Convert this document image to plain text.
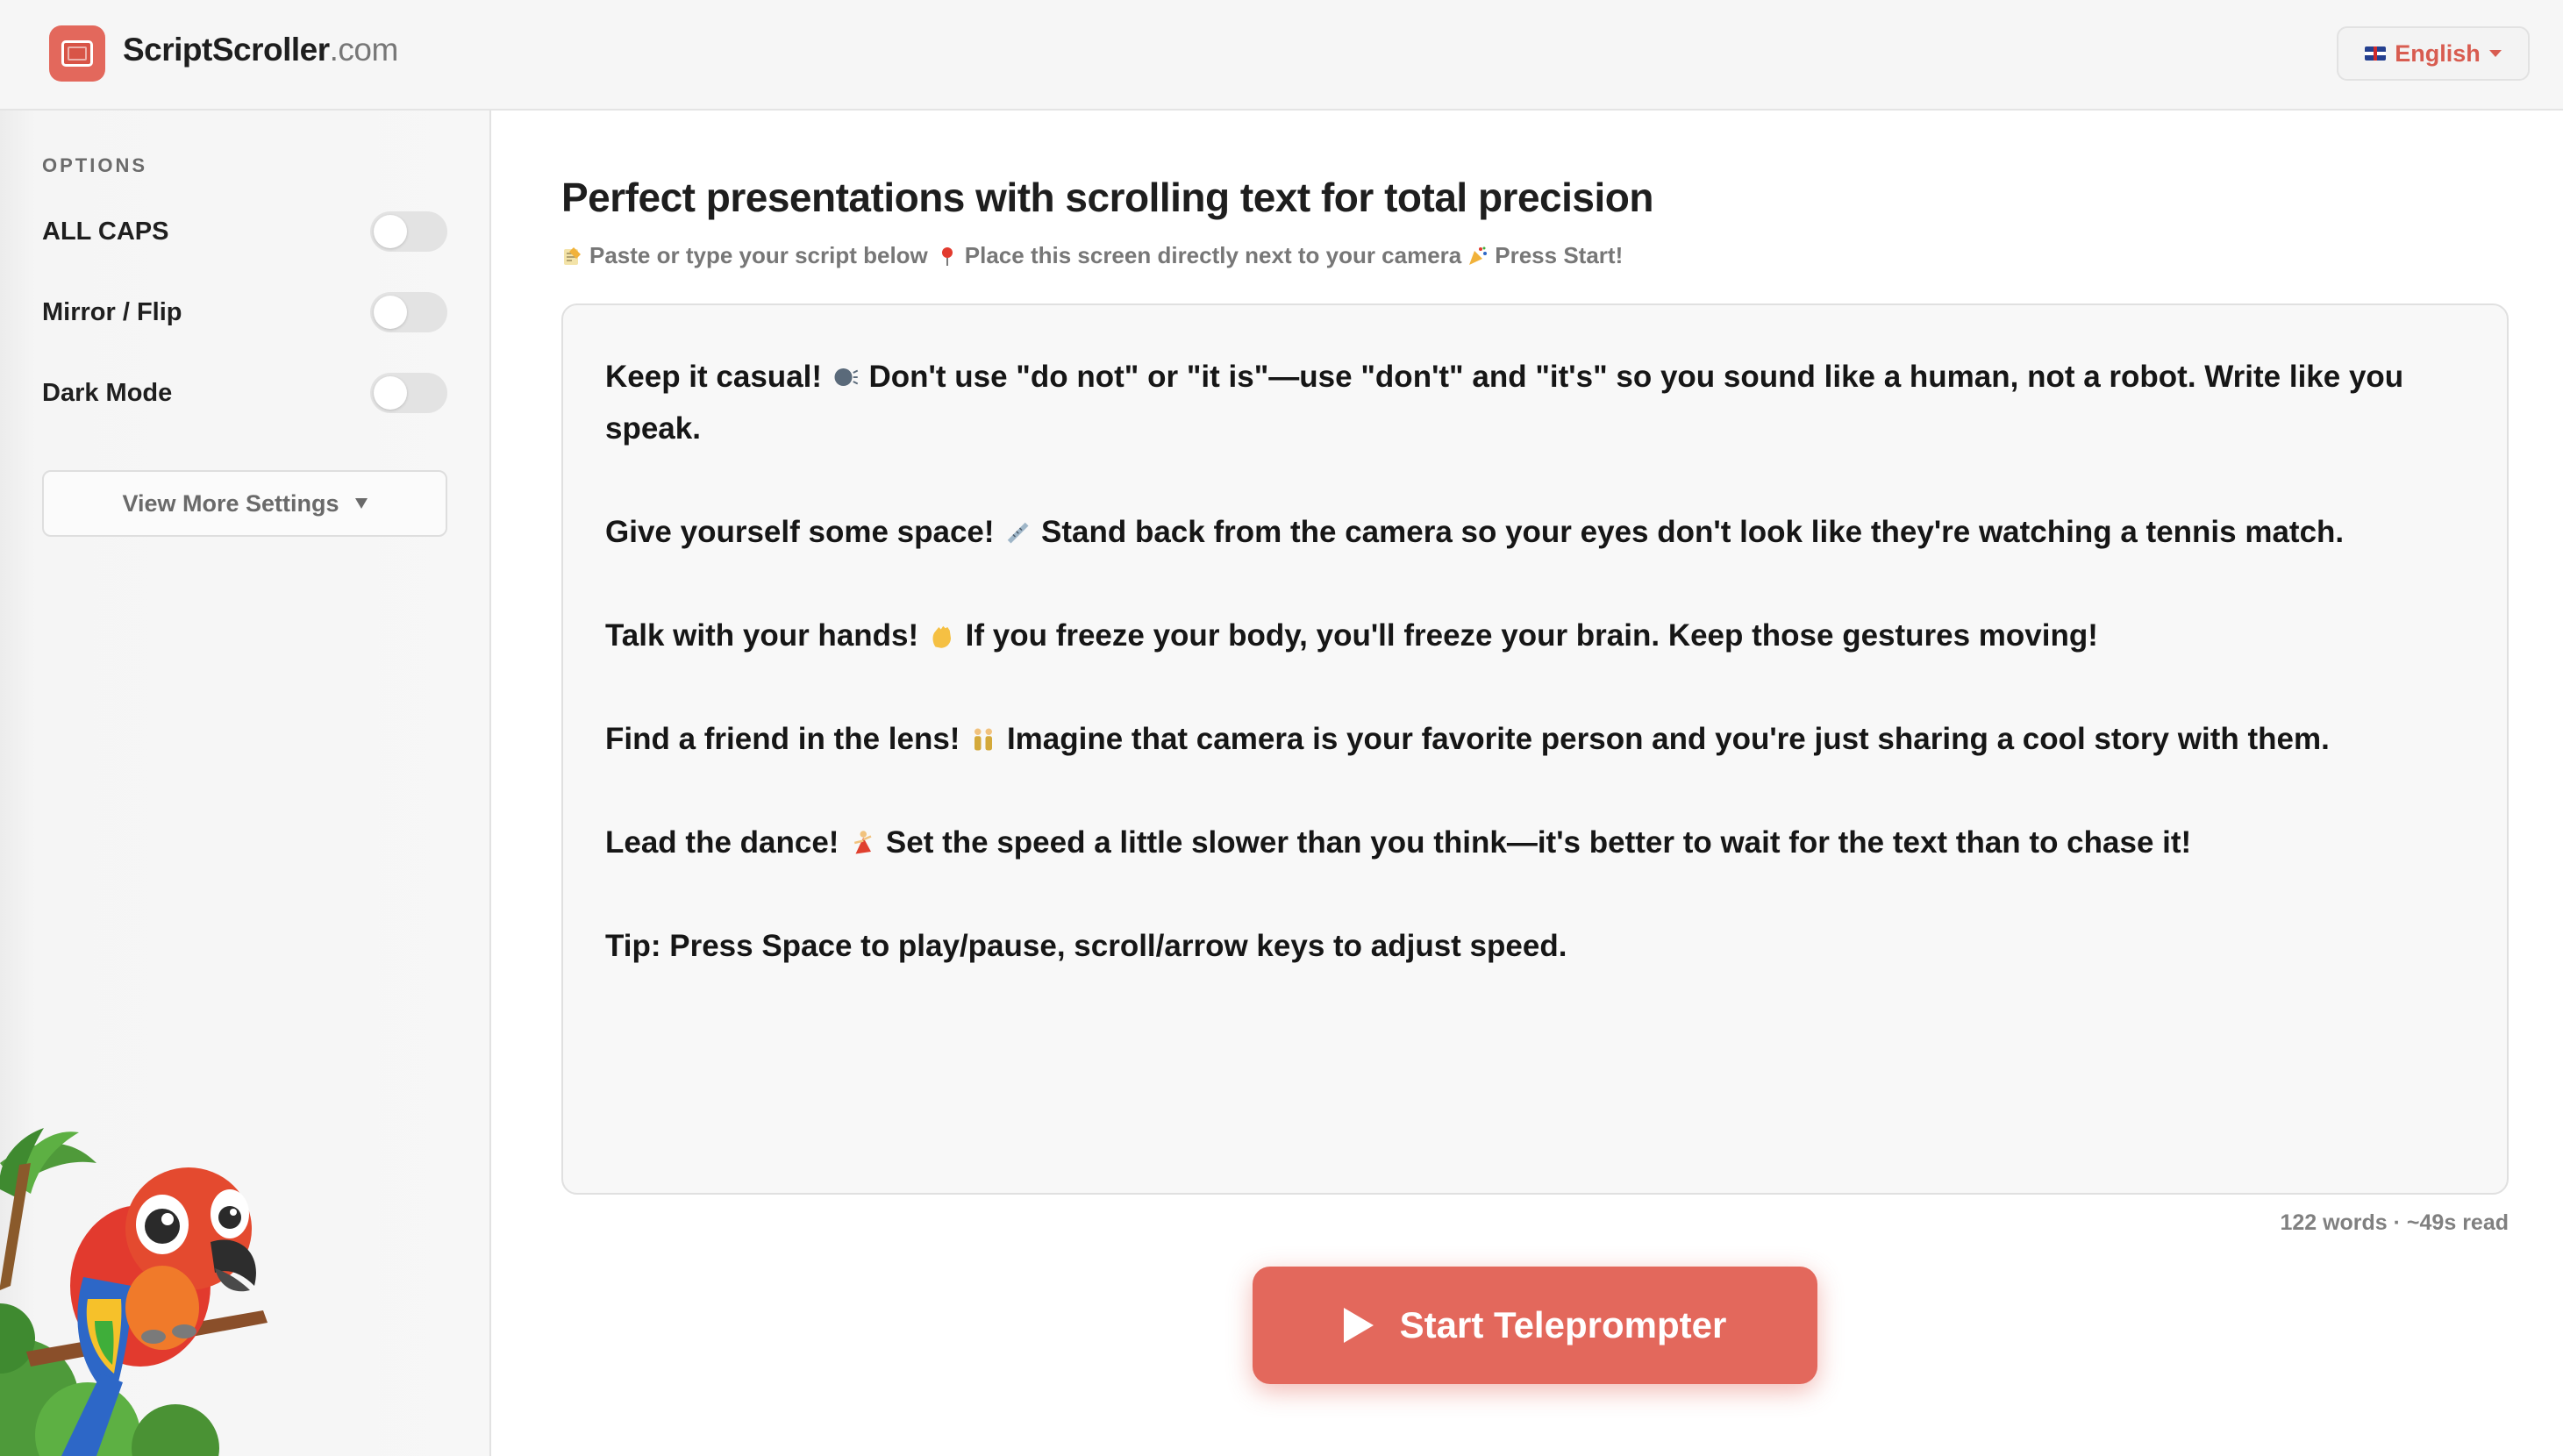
ScriptScroller.com	English
OPTIONS
ALL CAPS
Mirror / Flip
Dark Mode
View More Settings
Perfect presentations with scrolling text for total precision
Paste or type your script below Place this screen directly next to your camera Press Start!

Keep it casual! Don't use "do not" or "it is"—use "don't" and "it's" so you sound like a human, not a robot. Write like you speak.

Give yourself some space! Stand back from the camera so your eyes don't look like they're watching a tennis match.

Talk with your hands! If you freeze your body, you'll freeze your brain. Keep those gestures moving!

Find a friend in the lens! Imagine that camera is your favorite person and you're just sharing a cool story with them.

Lead the dance! Set the speed a little slower than you think—it's better to wait for the text than to chase it!

Tip: Press Space to play/pause, scroll/arrow keys to adjust speed.

122 words · ~49s read
Start Teleprompter
